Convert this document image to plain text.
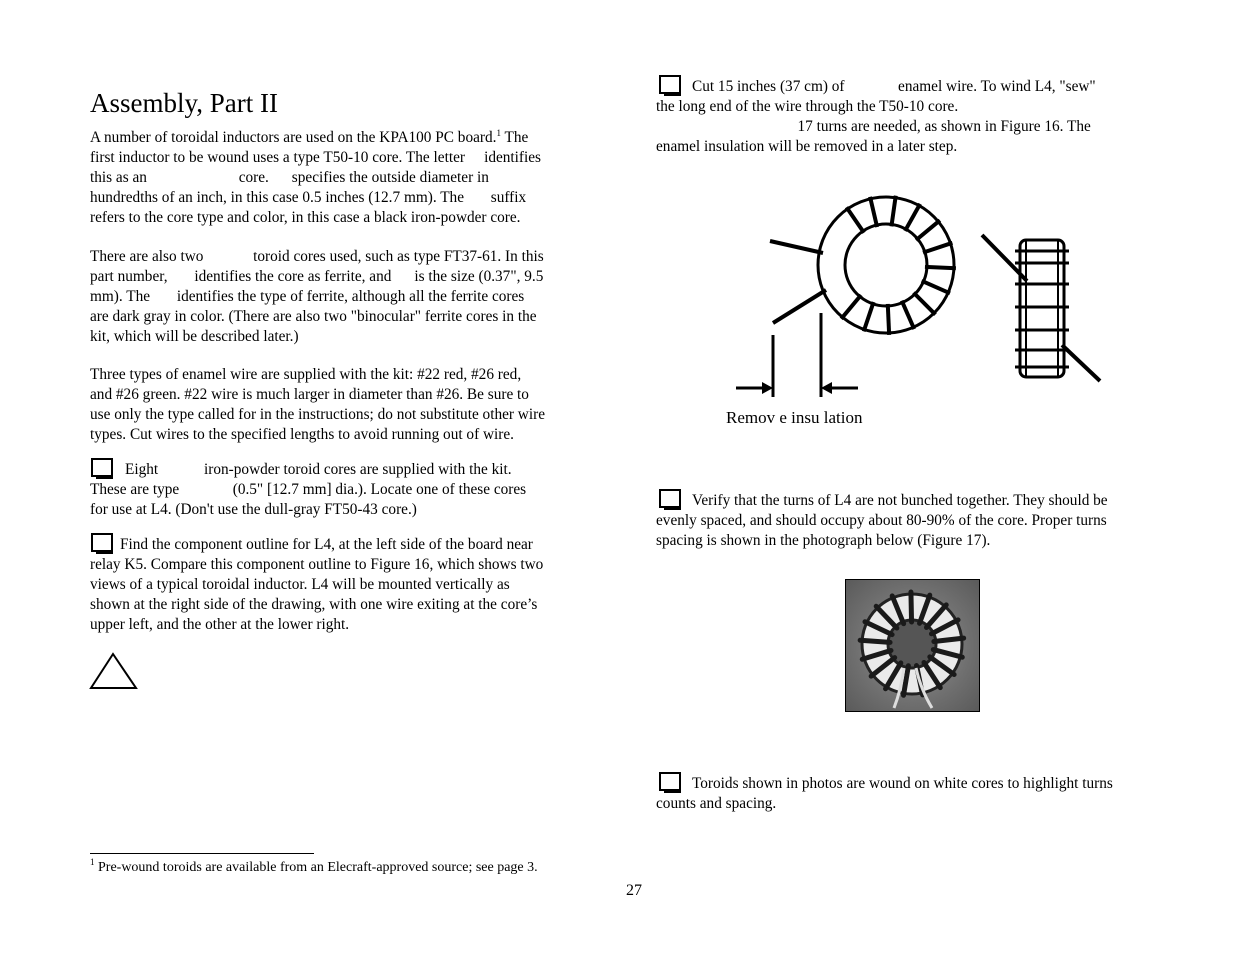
Assembly, Part II

A number of toroidal inductors are used on the KPA100 PC board.$^1$ The
first inductor to be wound uses a type T50-10 core. The letter     identifies
this as an                        core.      specifies the outside diameter in
hundredths of an inch, in this case 0.5 inches (12.7 mm). The       suffix
refers to the core type and color, in this case a black iron-powder core.

There are also two             toroid cores used, such as type FT37-61. In this
part number,       identifies the core as ferrite, and      is the size (0.37", 9.5
mm). The       identifies the type of ferrite, although all the ferrite cores
are dark gray in color. (There are also two "binocular" ferrite cores in the
kit, which will be described later.)

Three types of enamel wire are supplied with the kit: #22 red, #26 red,
and #26 green. #22 wire is much larger in diameter than #26. Be sure to
use only the type called for in the instructions; do not substitute other wire
types. Cut wires to the specified lengths to avoid running out of wire.

Eight            iron-powder toroid cores are supplied with the kit.
These are type              (0.5" [12.7 mm] dia.). Locate one of these cores
for use at L4. (Don't use the dull-gray FT50-43 core.)

Find the component outline for L4, at the left side of the board near
relay K5. Compare this component outline to Figure 16, which shows two
views of a typical toroidal inductor. L4 will be mounted vertically as
shown at the right side of the drawing, with one wire exiting at the core’s
upper left, and the other at the lower right.

Cut 15 inches (37 cm) of              enamel wire. To wind L4, "sew"
the long end of the wire through the T50-10 core.
17 turns are needed, as shown in Figure 16. The
enamel insulation will be removed in a later step.

Remov e insu lation

Verify that the turns of L4 are not bunched together. They should be
evenly spaced, and should occupy about 80-90% of the core. Proper turns
spacing is shown in the photograph below (Figure 17).

Toroids shown in photos are wound on white cores to highlight turns
counts and spacing.

$^1$ Pre-wound toroids are available from an Elecraft-approved source; see page 3.
27
